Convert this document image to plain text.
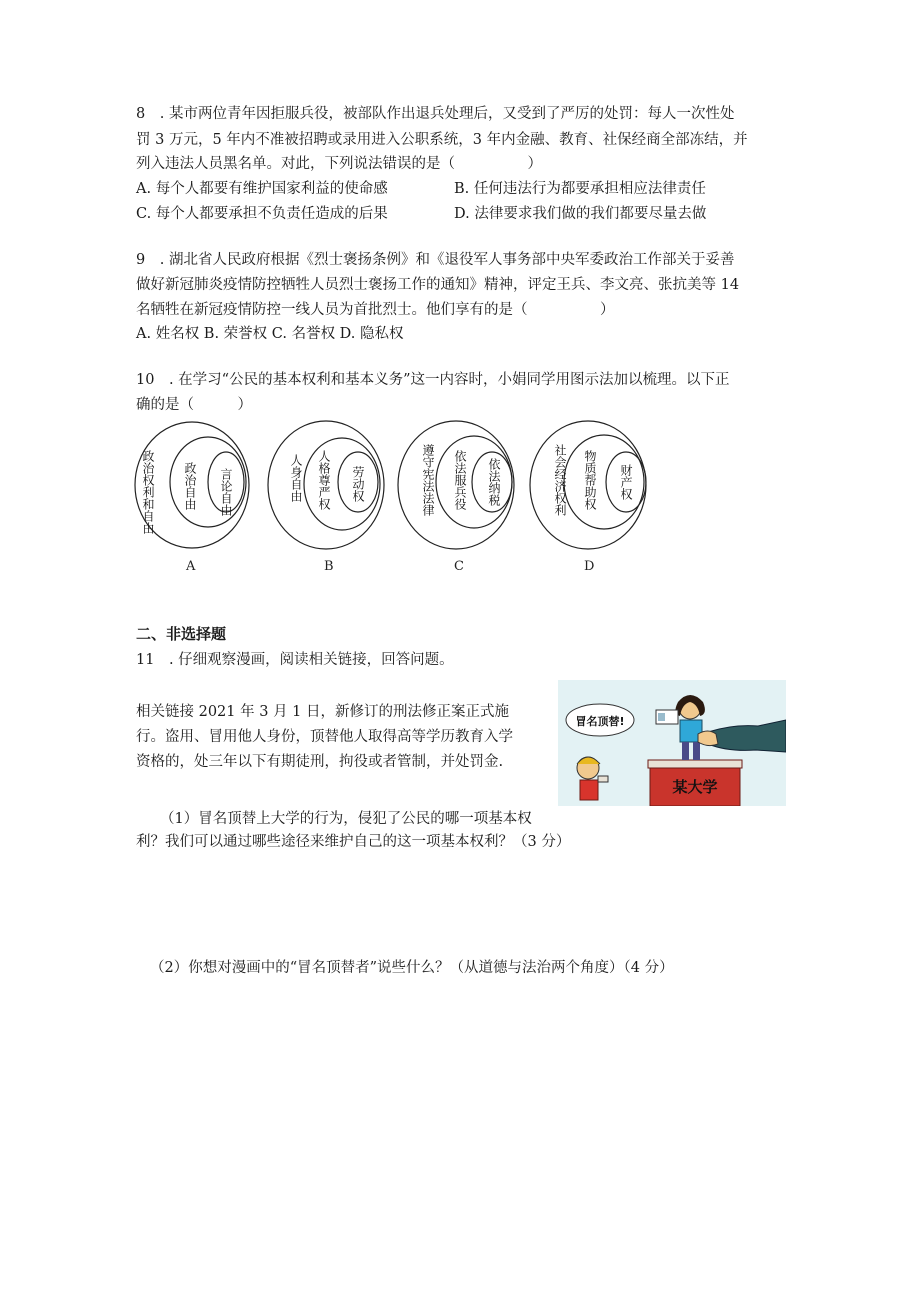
8　. 某市两位青年因拒服兵役，被部队作出退兵处理后，又受到了严厉的处罚：每人一次性处
罚 3 万元，5 年内不准被招聘或录用进入公职系统，3 年内金融、教育、社保经商全部冻结，并
列入违法人员黑名单。对此，下列说法错误的是（　　　　　）
A. 每个人都要有维护国家利益的使命感	B. 任何违法行为都要承担相应法律责任
C. 每个人都要承担不负责任造成的后果	D. 法律要求我们做的我们都要尽量去做
9　. 湖北省人民政府根据《烈士褒扬条例》和《退役军人事务部中央军委政治工作部关于妥善
做好新冠肺炎疫情防控牺牲人员烈士褒扬工作的通知》精神，评定王兵、李文亮、张抗美等 14
名牺牲在新冠疫情防控一线人员为首批烈士。他们享有的是（　　　　　）
A. 姓名权 B. 荣誉权 C. 名誉权 D. 隐私权
10　. 在学习“公民的基本权利和基本义务”这一内容时，小娟同学用图示法加以梳理。以下正
确的是（　　　）
政治权利和自由 政治自由 言论自由
A
人身自由 人格尊严权 劳动权
B
遵守宪法法律 依法服兵役 依法纳税
C
社会经济权利 物质帮助权 财产权
D
二、非选择题
11　. 仔细观察漫画，阅读相关链接，回答问题。
相关链接 2021 年 3 月 1 日，新修订的刑法修正案正式施
行。盗用、冒用他人身份，顶替他人取得高等学历教育入学
资格的，处三年以下有期徒刑，拘役或者管制，并处罚金.
某大学
冒名顶替!
（1）冒名顶替上大学的行为，侵犯了公民的哪一项基本权
利？我们可以通过哪些途径来维护自己的这一项基本权利？（3 分）
（2）你想对漫画中的“冒名顶替者”说些什么？（从道德与法治两个角度）（4 分）
